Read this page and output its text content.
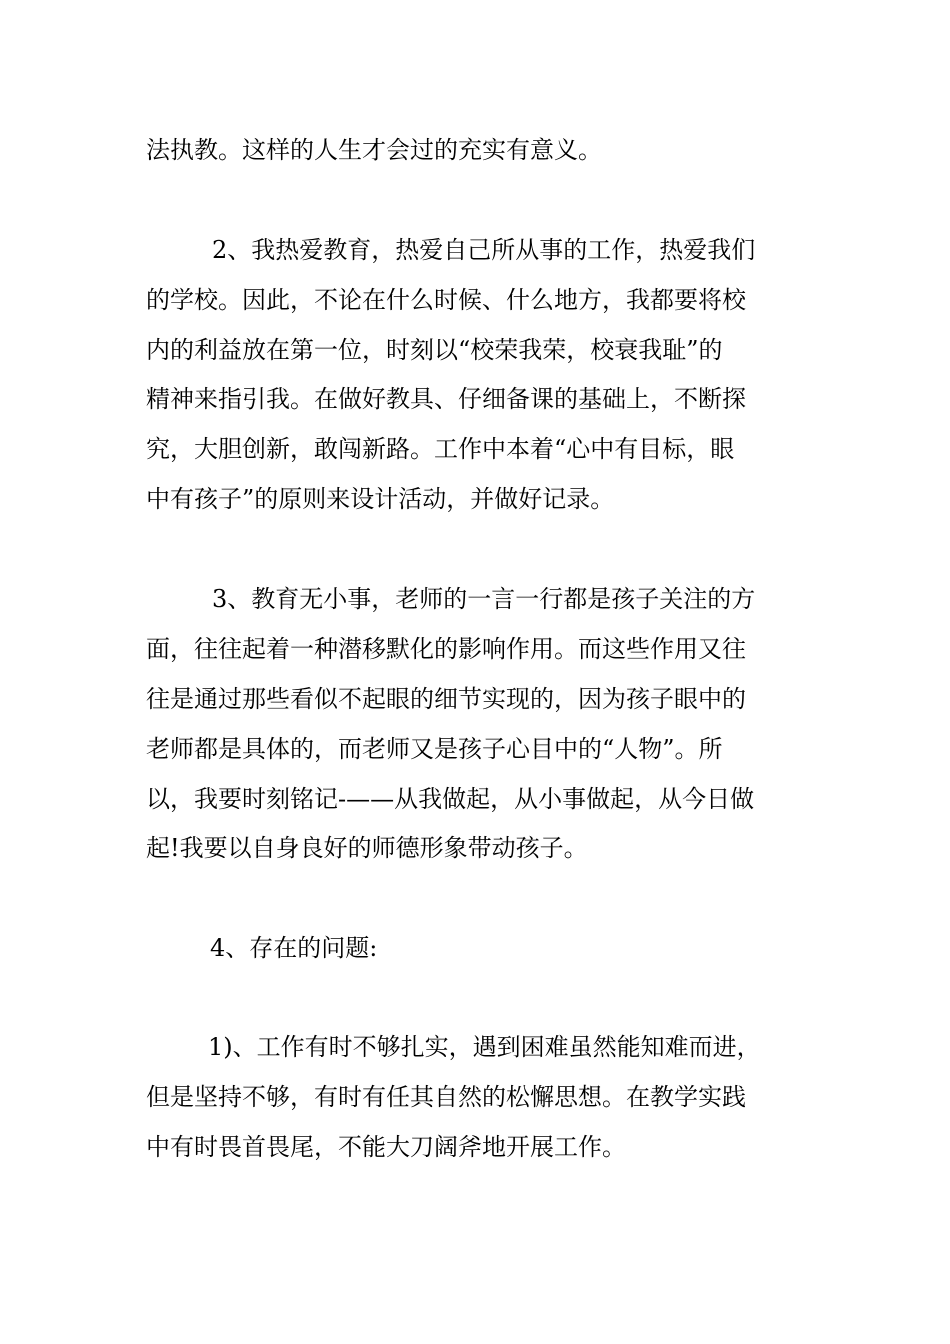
法执教。这样的人生才会过的充实有意义。

2、我热爱教育，热爱自己所从事的工作，热爱我们

的学校。因此，不论在什么时候、什么地方，我都要将校

内的利益放在第一位，时刻以“校荣我荣，校衰我耻”的

精神来指引我。在做好教具、仔细备课的基础上，不断探

究，大胆创新，敢闯新路。工作中本着“心中有目标，眼

中有孩子”的原则来设计活动，并做好记录。

3、教育无小事，老师的一言一行都是孩子关注的方

面，往往起着一种潜移默化的影响作用。而这些作用又往

往是通过那些看似不起眼的细节实现的，因为孩子眼中的

老师都是具体的，而老师又是孩子心目中的“人物”。所

以，我要时刻铭记-——从我做起，从小事做起，从今日做

起!我要以自身良好的师德形象带动孩子。

4、存在的问题:

1)、工作有时不够扎实，遇到困难虽然能知难而进，

但是坚持不够，有时有任其自然的松懈思想。在教学实践

中有时畏首畏尾，不能大刀阔斧地开展工作。
